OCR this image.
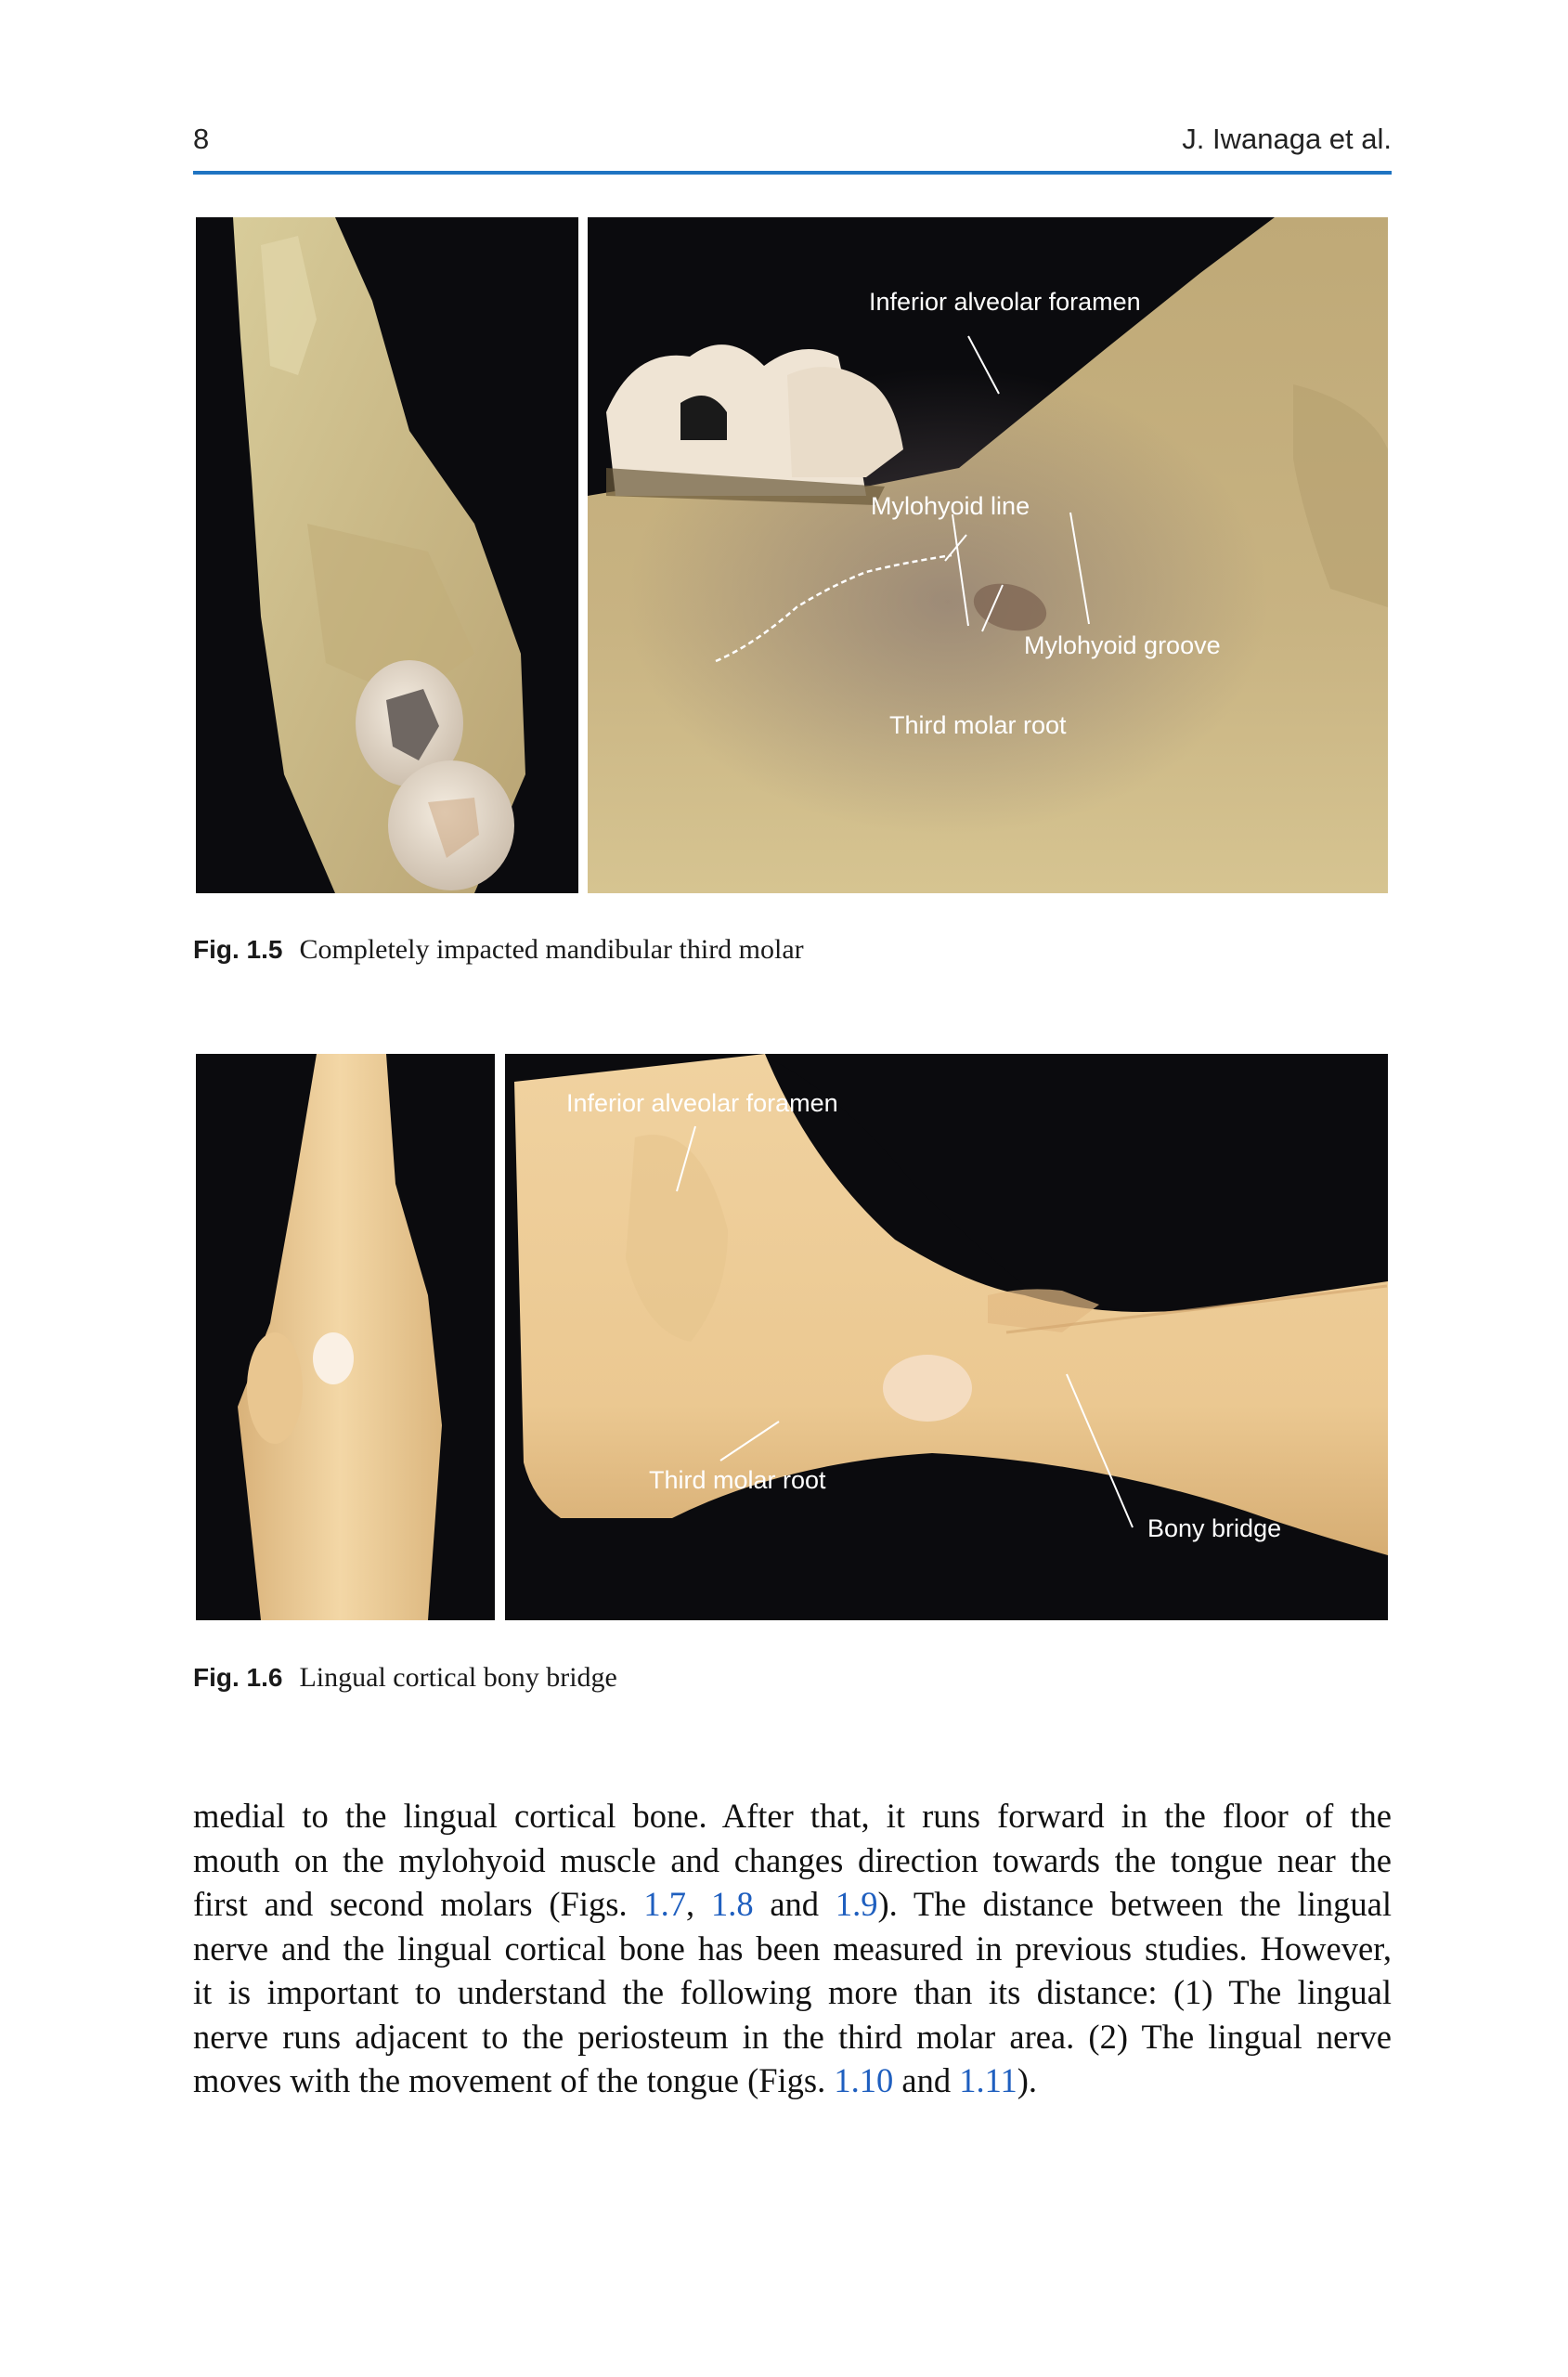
8	J. Iwanaga et al.
Inferior alveolar foramen
Mylohyoid line
Mylohyoid groove
Third molar root
Fig. 1.5 Completely impacted mandibular third molar
Inferior alveolar foramen
Third molar root
Bony bridge
Fig. 1.6 Lingual cortical bony bridge
medial to the lingual cortical bone. After that, it runs forward in the floor of the
mouth on the mylohyoid muscle and changes direction towards the tongue near the
first and second molars (Figs. 1.7, 1.8 and 1.9). The distance between the lingual
nerve and the lingual cortical bone has been measured in previous studies. However,
it is important to understand the following more than its distance: (1) The lingual
nerve runs adjacent to the periosteum in the third molar area. (2) The lingual nerve
moves with the movement of the tongue (Figs. 1.10 and 1.11).
